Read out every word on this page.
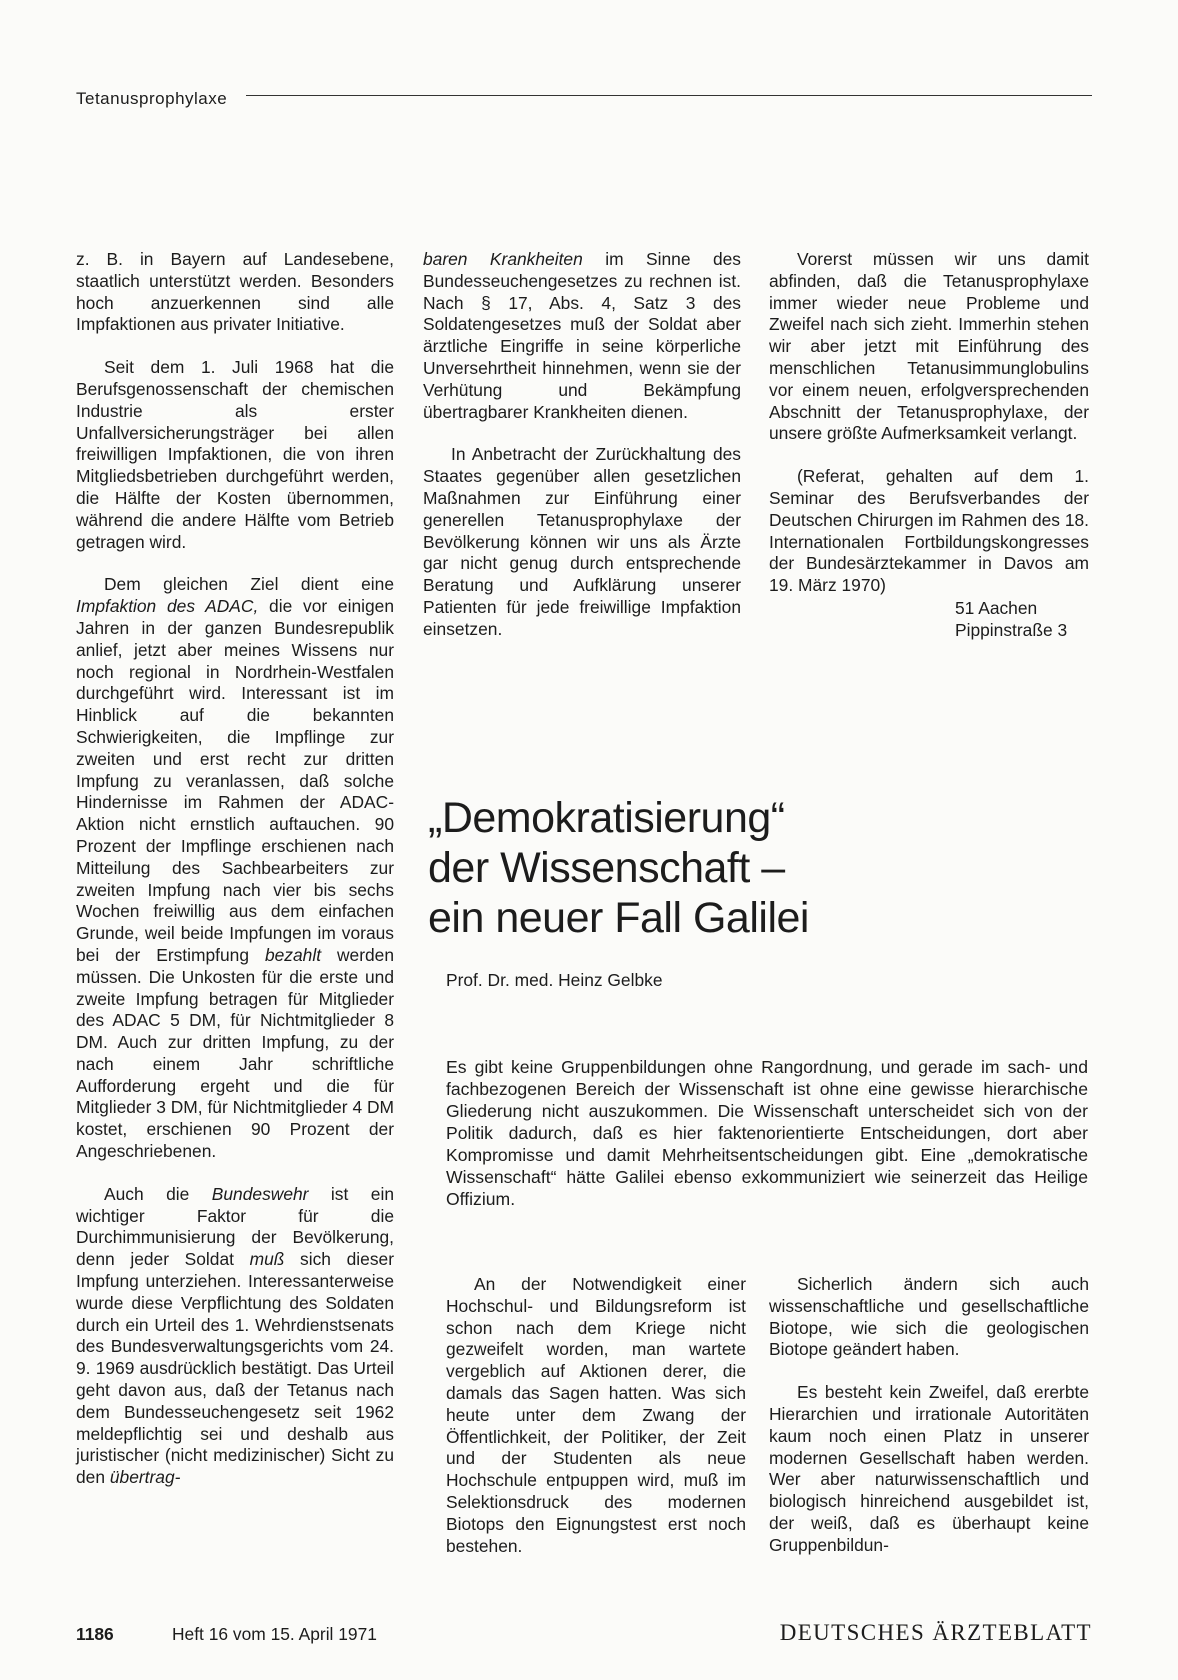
Tetanusprophylaxe

z. B. in Bayern auf Landesebene, staatlich unterstützt werden. Besonders hoch anzuerkennen sind alle Impfaktionen aus privater Initiative.

Seit dem 1. Juli 1968 hat die Berufsgenossenschaft der chemischen Industrie als erster Unfallversicherungsträger bei allen freiwilligen Impfaktionen, die von ihren Mitgliedsbetrieben durchgeführt werden, die Hälfte der Kosten übernommen, während die andere Hälfte vom Betrieb getragen wird.

Dem gleichen Ziel dient eine Impfaktion des ADAC, die vor einigen Jahren in der ganzen Bundesrepublik anlief, jetzt aber meines Wissens nur noch regional in Nordrhein-Westfalen durchgeführt wird. Interessant ist im Hinblick auf die bekannten Schwierigkeiten, die Impflinge zur zweiten und erst recht zur dritten Impfung zu veranlassen, daß solche Hindernisse im Rahmen der ADAC-Aktion nicht ernstlich auftauchen. 90 Prozent der Impflinge erschienen nach Mitteilung des Sachbearbeiters zur zweiten Impfung nach vier bis sechs Wochen freiwillig aus dem einfachen Grunde, weil beide Impfungen im voraus bei der Erstimpfung bezahlt werden müssen. Die Unkosten für die erste und zweite Impfung betragen für Mitglieder des ADAC 5 DM, für Nichtmitglieder 8 DM. Auch zur dritten Impfung, zu der nach einem Jahr schriftliche Aufforderung ergeht und die für Mitglieder 3 DM, für Nichtmitglieder 4 DM kostet, erschienen 90 Prozent der Angeschriebenen.

Auch die Bundeswehr ist ein wichtiger Faktor für die Durchimmunisierung der Bevölkerung, denn jeder Soldat muß sich dieser Impfung unterziehen. Interessanterweise wurde diese Verpflichtung des Soldaten durch ein Urteil des 1. Wehrdienstsenats des Bundesverwaltungsgerichts vom 24. 9. 1969 ausdrücklich bestätigt. Das Urteil geht davon aus, daß der Tetanus nach dem Bundesseuchengesetz seit 1962 meldepflichtig sei und deshalb aus juristischer (nicht medizinischer) Sicht zu den übertrag-

baren Krankheiten im Sinne des Bundesseuchengesetzes zu rechnen ist. Nach § 17, Abs. 4, Satz 3 des Soldatengesetzes muß der Soldat aber ärztliche Eingriffe in seine körperliche Unversehrtheit hinnehmen, wenn sie der Verhütung und Bekämpfung übertragbarer Krankheiten dienen.

In Anbetracht der Zurückhaltung des Staates gegenüber allen gesetzlichen Maßnahmen zur Einführung einer generellen Tetanusprophylaxe der Bevölkerung können wir uns als Ärzte gar nicht genug durch entsprechende Beratung und Aufklärung unserer Patienten für jede freiwillige Impfaktion einsetzen.

Vorerst müssen wir uns damit abfinden, daß die Tetanusprophylaxe immer wieder neue Probleme und Zweifel nach sich zieht. Immerhin stehen wir aber jetzt mit Einführung des menschlichen Tetanusimmunglobulins vor einem neuen, erfolgversprechenden Abschnitt der Tetanusprophylaxe, der unsere größte Aufmerksamkeit verlangt.

(Referat, gehalten auf dem 1. Seminar des Berufsverbandes der Deutschen Chirurgen im Rahmen des 18. Internationalen Fortbildungskongresses der Bundesärztekammer in Davos am 19. März 1970)

51 Aachen
Pippinstraße 3

„Demokratisierung“
der Wissenschaft –
ein neuer Fall Galilei
Prof. Dr. med. Heinz Gelbke

Es gibt keine Gruppenbildungen ohne Rangordnung, und gerade im sach- und fachbezogenen Bereich der Wissenschaft ist ohne eine gewisse hierarchische Gliederung nicht auszukommen. Die Wissenschaft unterscheidet sich von der Politik dadurch, daß es hier faktenorientierte Entscheidungen, dort aber Kompromisse und damit Mehrheitsentscheidungen gibt. Eine „demokratische Wissenschaft“ hätte Galilei ebenso exkommuniziert wie seinerzeit das Heilige Offizium.

An der Notwendigkeit einer Hochschul- und Bildungsreform ist schon nach dem Kriege nicht gezweifelt worden, man wartete vergeblich auf Aktionen derer, die damals das Sagen hatten. Was sich heute unter dem Zwang der Öffentlichkeit, der Politiker, der Zeit und der Studenten als neue Hochschule entpuppen wird, muß im Selektionsdruck des modernen Biotops den Eignungstest erst noch bestehen.

Sicherlich ändern sich auch wissenschaftliche und gesellschaftliche Biotope, wie sich die geologischen Biotope geändert haben.

Es besteht kein Zweifel, daß ererbte Hierarchien und irrationale Autoritäten kaum noch einen Platz in unserer modernen Gesellschaft haben werden. Wer aber naturwissenschaftlich und biologisch hinreichend ausgebildet ist, der weiß, daß es überhaupt keine Gruppenbildun-

1186	Heft 16 vom 15. April 1971	DEUTSCHES ÄRZTEBLATT
